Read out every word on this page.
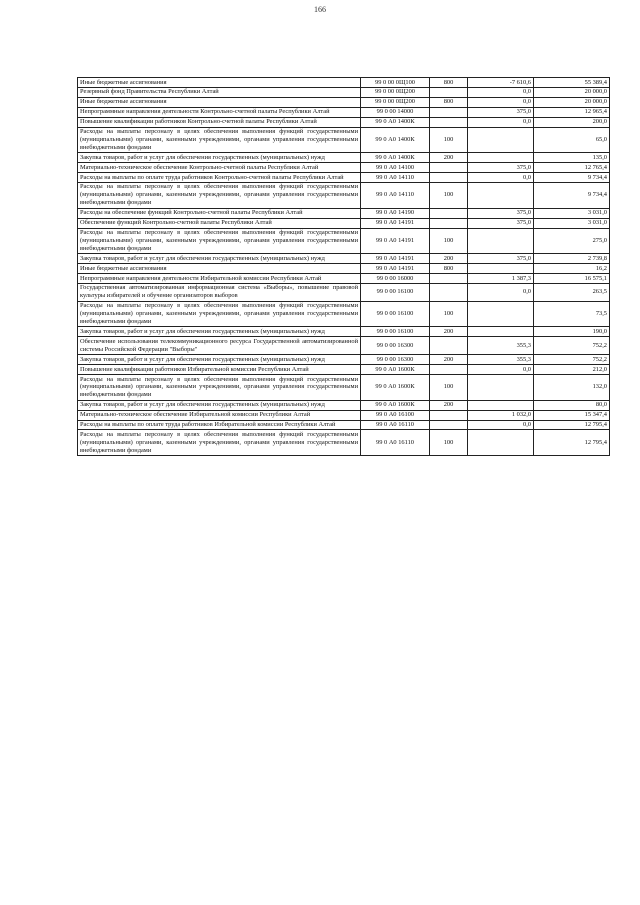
166
Иные бюджетные ассигнования	99 0 00 0Щ100	800	-7 610,6	55 389,4
Резервный фонд Правительства Республики Алтай	99 0 00 0Щ200		0,0	20 000,0
Иные бюджетные ассигнования	99 0 00 0Щ200	800	0,0	20 000,0
Непрограммные направления деятельности Контрольно-счетной палаты Республики Алтай	99 0 00 14000		375,0	12 965,4
Повышение квалификации работников Контрольно-счетной палаты Республики Алтай	99 0 А0 1400К		0,0	200,0
Расходы на выплаты персоналу в целях обеспечения выполнения функций государственными (муниципальными) органами, казенными учреждениями, органами управления государственными внебюджетными фондами	99 0 А0 1400К	100		65,0
Закупка товаров, работ и услуг для обеспечения государственных (муниципальных) нужд	99 0 А0 1400К	200		135,0
Материально-техническое обеспечение Контрольно-счетной палаты Республики Алтай	99 0 А0 14100		375,0	12 765,4
Расходы на выплаты по оплате труда работников Контрольно-счетной палаты Республики Алтай	99 0 А0 14110		0,0	9 734,4
Расходы на выплаты персоналу в целях обеспечения выполнения функций государственными (муниципальными) органами, казенными учреждениями, органами управления государственными внебюджетными фондами	99 0 А0 14110	100		9 734,4
Расходы на обеспечение функций Контрольно-счетной палаты Республики Алтай	99 0 А0 14190		375,0	3 031,0
Обеспечение функций Контрольно-счетной палаты Республики Алтай	99 0 А0 14191		375,0	3 031,0
Расходы на выплаты персоналу в целях обеспечения выполнения функций государственными (муниципальными) органами, казенными учреждениями, органами управления государственными внебюджетными фондами	99 0 А0 14191	100		275,0
Закупка товаров, работ и услуг для обеспечения государственных (муниципальных) нужд	99 0 А0 14191	200	375,0	2 739,8
Иные бюджетные ассигнования	99 0 А0 14191	800		16,2
Непрограммные направления деятельности Избирательной комиссии Республики Алтай	99 0 00 16000		1 387,3	16 575,1
Государственная автоматизированная информационная система «Выборы», повышение правовой культуры избирателей и обучение организаторов выборов	99 0 00 16100		0,0	263,5
Расходы на выплаты персоналу в целях обеспечения выполнения функций государственными (муниципальными) органами, казенными учреждениями, органами управления государственными внебюджетными фондами	99 0 00 16100	100		73,5
Закупка товаров, работ и услуг для обеспечения государственных (муниципальных) нужд	99 0 00 16100	200		190,0
Обеспечение использования телекоммуникационного ресурса Государственной автоматизированной системы Российской Федерации "Выборы"	99 0 00 16300		355,3	752,2
Закупка товаров, работ и услуг для обеспечения государственных (муниципальных) нужд	99 0 00 16300	200	355,3	752,2
Повышение квалификации работников Избирательной комиссии Республики Алтай	99 0 А0 1600К		0,0	212,0
Расходы на выплаты персоналу в целях обеспечения выполнения функций государственными (муниципальными) органами, казенными учреждениями, органами управления государственными внебюджетными фондами	99 0 А0 1600К	100		132,0
Закупка товаров, работ и услуг для обеспечения государственных (муниципальных) нужд	99 0 А0 1600К	200		80,0
Материально-техническое обеспечение Избирательной комиссии Республики Алтай	99 0 А0 16100		1 032,0	15 347,4
Расходы на выплаты по оплате труда работников Избирательной комиссии Республики Алтай	99 0 А0 16110		0,0	12 795,4
Расходы на выплаты персоналу в целях обеспечения выполнения функций государственными (муниципальными) органами, казенными учреждениями, органами управления государственными внебюджетными фондами	99 0 А0 16110	100		12 795,4
